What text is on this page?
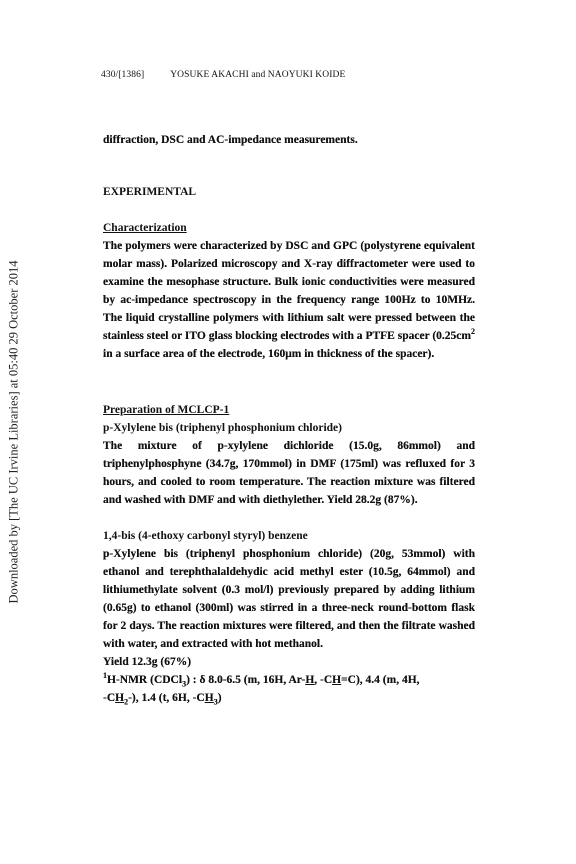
Downloaded by [The UC Irvine Libraries] at 05:40 29 October 2014
430/[1386]	YOSUKE AKACHI and NAOYUKI KOIDE

diffraction, DSC and AC-impedance measurements.

EXPERIMENTAL
Characterization

The polymers were characterized by DSC and GPC (polystyrene equivalent molar mass). Polarized microscopy and X-ray diffractometer were used to examine the mesophase structure. Bulk ionic conductivities were measured by ac-impedance spectroscopy in the frequency range 100Hz to 10MHz. The liquid crystalline polymers with lithium salt were pressed between the stainless steel or ITO glass blocking electrodes with a PTFE spacer ($0.25cm^2$ in a surface area of the electrode, 160μm in thickness of the spacer).

Preparation of MCLCP-1
p-Xylylene bis (triphenyl phosphonium chloride)

The mixture of p-xylylene dichloride (15.0g, 86mmol) and triphenylphosphyne (34.7g, 170mmol) in DMF (175ml) was refluxed for 3 hours, and cooled to room temperature. The reaction mixture was filtered and washed with DMF and with diethylether. Yield 28.2g (87%).

1,4-bis (4-ethoxy carbonyl styryl) benzene

p-Xylylene bis (triphenyl phosphonium chloride) (20g, 53mmol) with ethanol and terephthalaldehydic acid methyl ester (10.5g, 64mmol) and lithiumethylate solvent (0.3 mol/l) previously prepared by adding lithium (0.65g) to ethanol (300ml) was stirred in a three-neck round-bottom flask for 2 days. The reaction mixtures were filtered, and then the filtrate washed with water, and extracted with hot methanol.

Yield 12.3g (67%)

$^1$H-NMR (CDCl$_3$) : δ 8.0-6.5 (m, 16H, Ar-H, -CH=C), 4.4 (m, 4H,

$-CH_2-$), 1.4 (t, 6H, $-CH_3$)
